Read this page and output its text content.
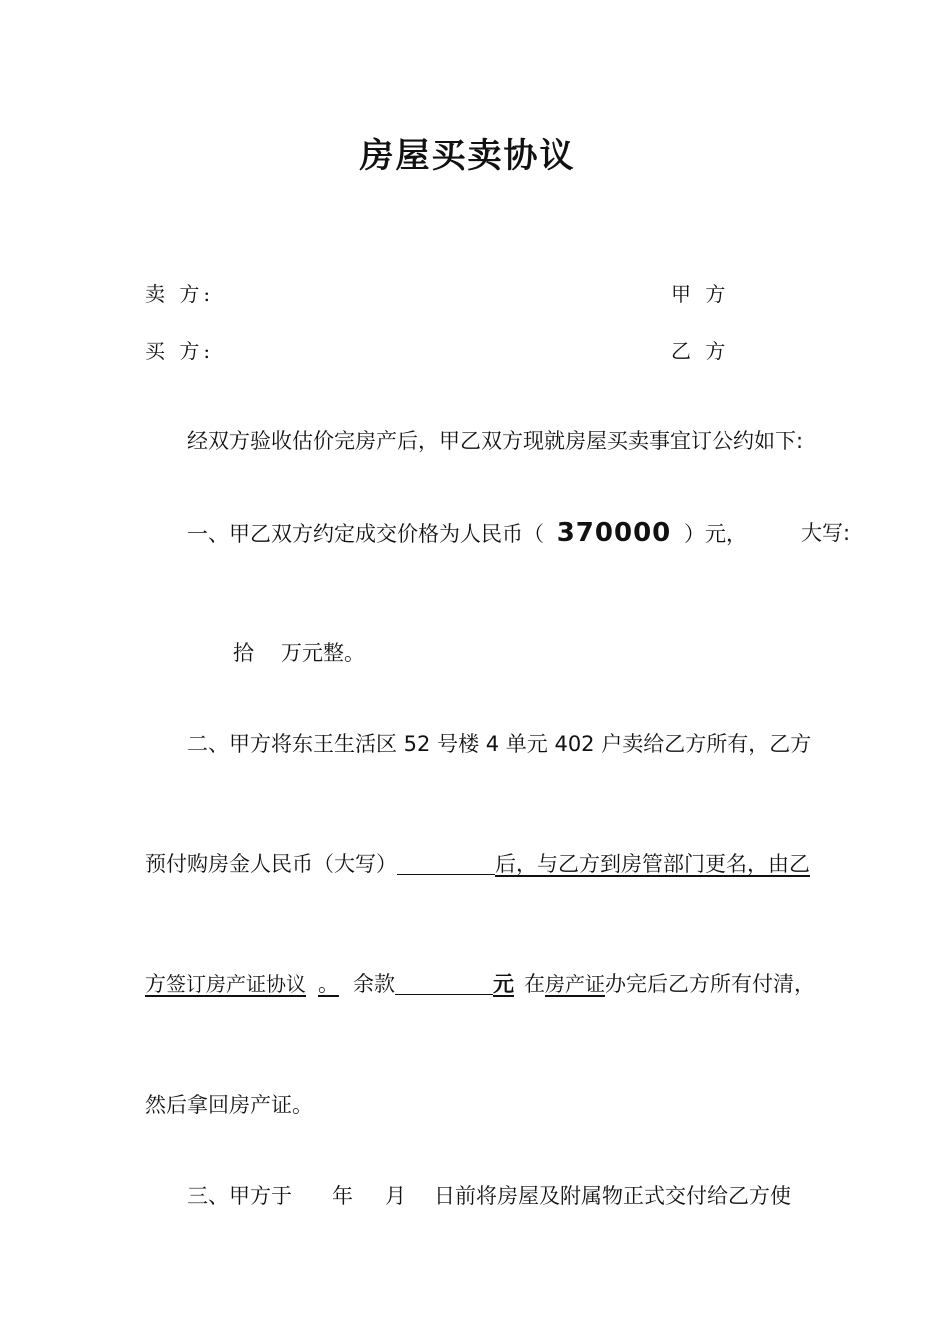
房屋买卖协议
卖 方:	甲 方
买 方:	乙 方
经双方验收估价完房产后，甲乙双方现就房屋买卖事宜订公约如下:
一、甲乙双方约定成交价格为人民币（ 370000 ）元，	大写:
拾 万元整。
二、甲方将东王生活区 52 号楼 4 单元 402 户卖给乙方所有，乙方
预付购房金人民币（大写）	后，与乙方到房管部门更名，由乙
方签订房产证协议 。 余款	元 在房产证办完后乙方所有付清，
然后拿回房产证。
三、甲方于 年 月 日前将房屋及附属物正式交付给乙方使
